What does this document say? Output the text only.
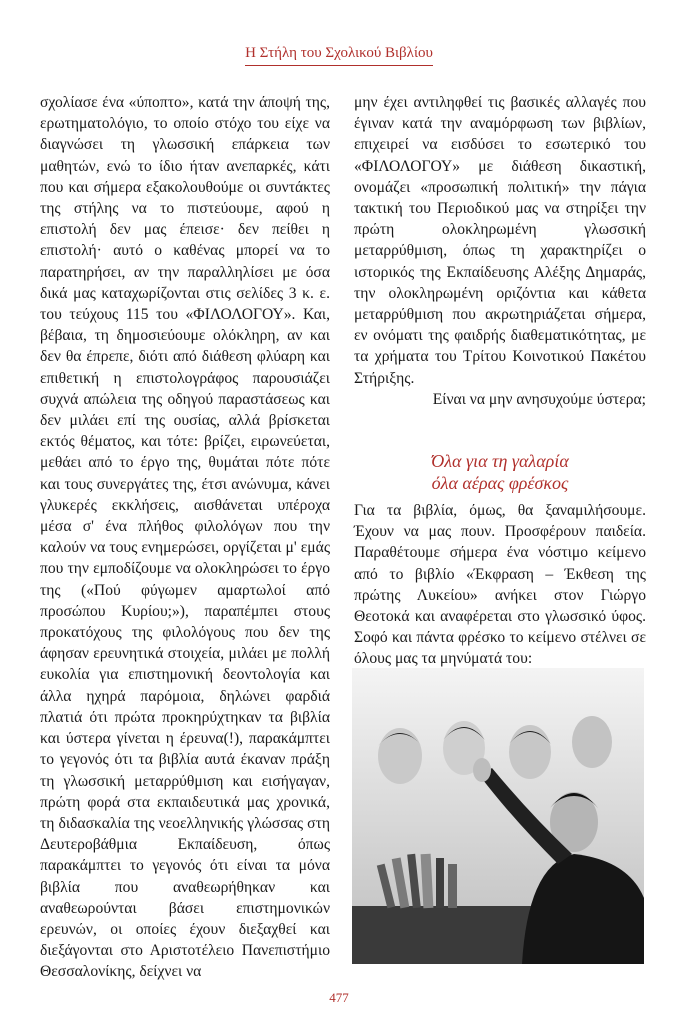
Η Στήλη του Σχολικού Βιβλίου

σχολίασε ένα «ύποπτο», κατά την άποψή της, ερωτηματολόγιο, το οποίο στόχο του είχε να διαγνώσει τη γλωσσική επάρκεια των μαθητών, ενώ το ίδιο ήταν ανεπαρκές, κάτι που και σήμερα εξακολουθούμε οι συντάκτες της στήλης να το πιστεύουμε, αφού η επιστολή δεν μας έπεισε· δεν πείθει η επιστολή· αυτό ο καθένας μπορεί να το παρατηρήσει, αν την παραλληλίσει με όσα δικά μας καταχωρίζονται στις σελίδες 3 κ. ε. του τεύχους 115 του «ΦΙΛΟΛΟΓΟΥ». Και, βέβαια, τη δημοσιεύουμε ολόκληρη, αν και δεν θα έπρεπε, διότι από διάθεση φλύαρη και επιθετική η επιστολογράφος παρουσιάζει συχνά απώλεια της οδηγού παραστάσεως και δεν μιλάει επί της ουσίας, αλλά βρίσκεται εκτός θέματος, και τότε: βρίζει, ειρωνεύεται, μεθάει από το έργο της, θυμάται πότε πότε και τους συνεργάτες της, έτσι ανώνυμα, κάνει γλυκερές εκκλήσεις, αισθάνεται υπέροχα μέσα σ' ένα πλήθος φιλολόγων που την καλούν να τους ενημερώσει, οργίζεται μ' εμάς που την εμποδίζουμε να ολοκληρώσει το έργο της («Πού φύγωμεν αμαρτωλοί από προσώπου Κυρίου;»), παραπέμπει στους προκατόχους της φιλολόγους που δεν της άφησαν ερευνητικά στοιχεία, μιλάει με πολλή ευκολία για επιστημονική δεοντολογία και άλλα ηχηρά παρόμοια, δηλώνει φαρδιά πλατιά ότι πρώτα προκηρύχτηκαν τα βιβλία και ύστερα γίνεται η έρευνα(!), παρακάμπτει το γεγονός ότι τα βιβλία αυτά έκαναν πράξη τη γλωσσική μεταρρύθμιση και εισήγαγαν, πρώτη φορά στα εκπαιδευτικά μας χρονικά, τη διδασκαλία της νεοελληνικής γλώσσας στη Δευτεροβάθμια Εκπαίδευση, όπως παρακάμπτει το γεγονός ότι είναι τα μόνα βιβλία που αναθεωρήθηκαν και αναθεωρούνται βάσει επιστημονικών ερευνών, οι οποίες έχουν διεξαχθεί και διεξάγονται στο Αριστοτέλειο Πανεπιστήμιο Θεσσαλονίκης, δείχνει να

μην έχει αντιληφθεί τις βασικές αλλαγές που έγιναν κατά την αναμόρφωση των βιβλίων, επιχειρεί να εισδύσει το εσωτερικό του «ΦΙΛΟΛΟΓΟΥ» με διάθεση δικαστική, ονομάζει «προσωπική πολιτική» την πάγια τακτική του Περιοδικού μας να στηρίξει την πρώτη ολοκληρωμένη γλωσσική μεταρρύθμιση, όπως τη χαρακτηρίζει ο ιστορικός της Εκπαίδευσης Αλέξης Δημαράς, την ολοκληρωμένη οριζόντια και κάθετα μεταρρύθμιση που ακρωτηριάζεται σήμερα, εν ονόματι της φαιδρής διαθεματικότητας, με τα χρήματα του Τρίτου Κοινοτικού Πακέτου Στήριξης.

Είναι να μην ανησυχούμε ύστερα;

Όλα για τη γαλαρία
όλα αέρας φρέσκος

Για τα βιβλία, όμως, θα ξαναμιλήσουμε. Έχουν να μας πουν. Προσφέρουν παιδεία. Παραθέτουμε σήμερα ένα νόστιμο κείμενο από το βιβλίο «Έκφραση – Έκθεση της πρώτης Λυκείου» ανήκει στον Γιώργο Θεοτοκά και αναφέρεται στο γλωσσικό ύφος. Σοφό και πάντα φρέσκο το κείμενο στέλνει σε όλους μας τα μηνύματά του:

477
